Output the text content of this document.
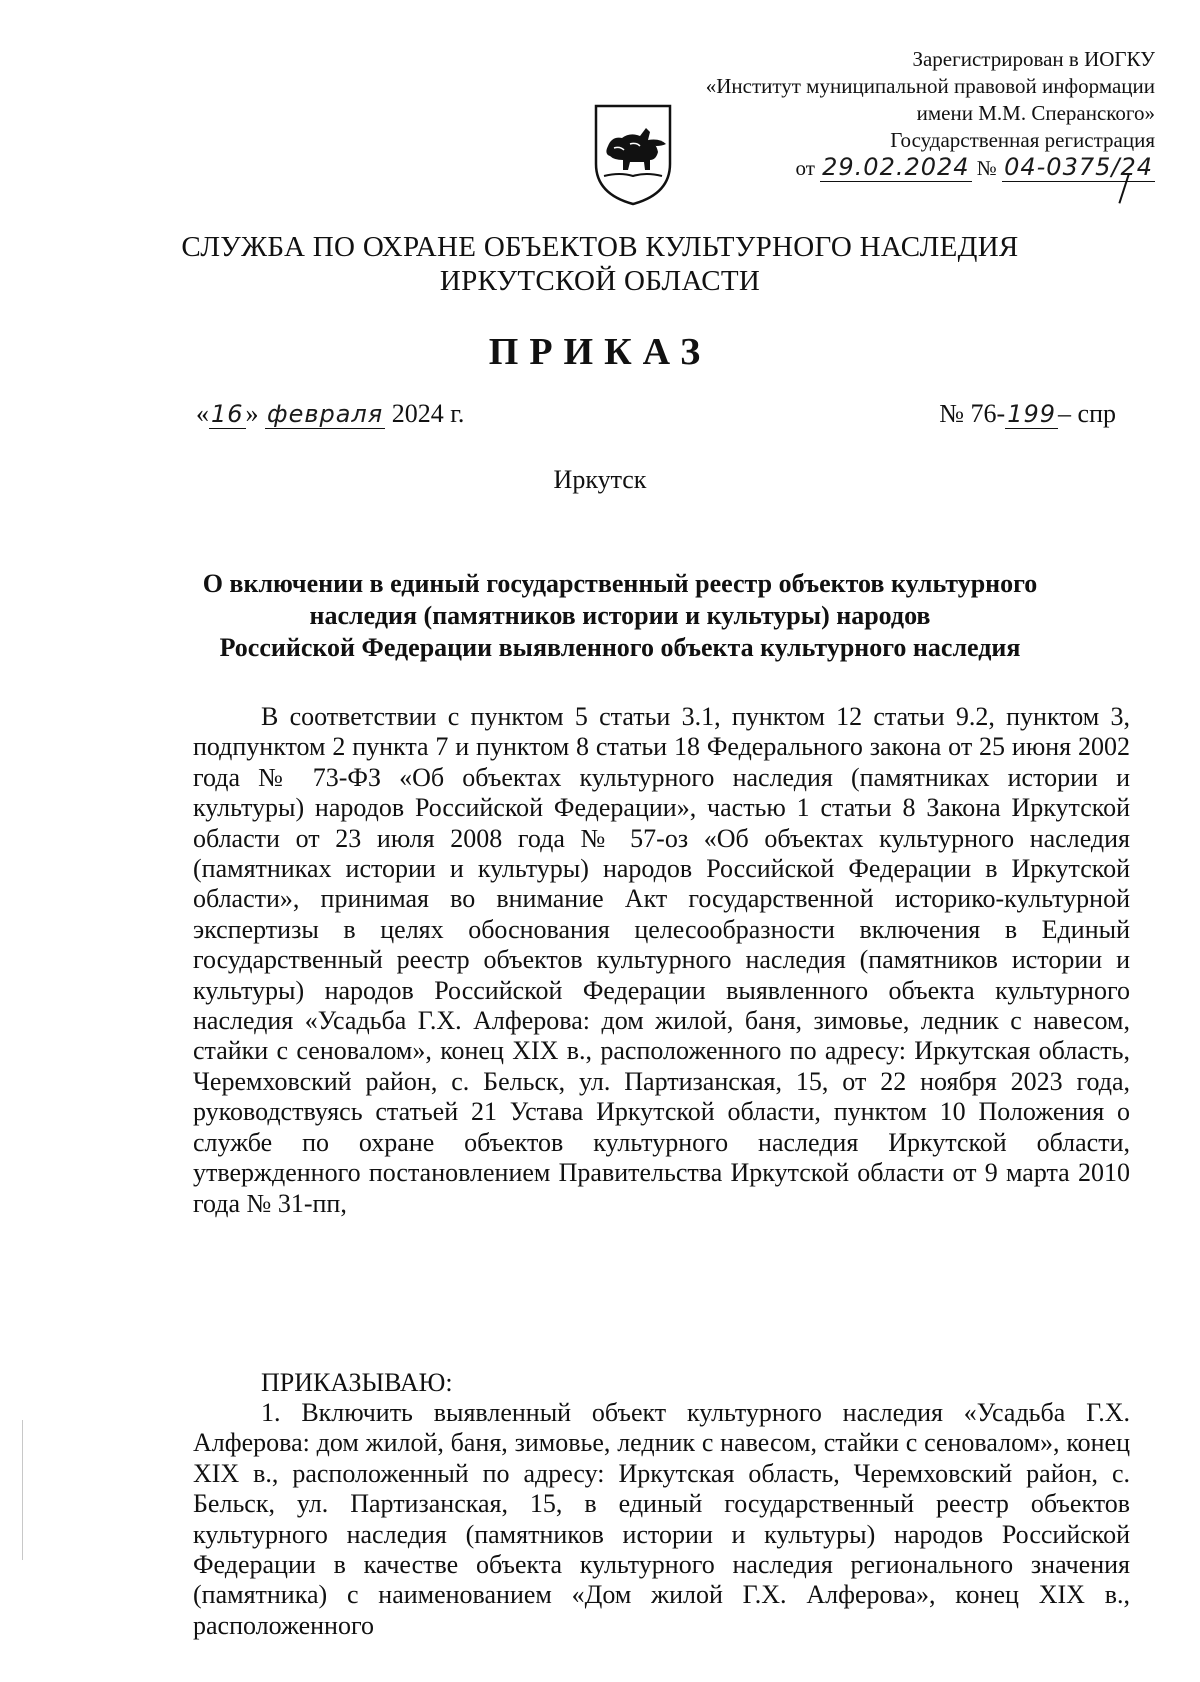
Зарегистрирован в ИОГКУ
«Институт муниципальной правовой информации
имени М.М. Сперанского»
Государственная регистрация
от 29.02.2024 № 04-0375/24
СЛУЖБА ПО ОХРАНЕ ОБЪЕКТОВ КУЛЬТУРНОГО НАСЛЕДИЯ
ИРКУТСКОЙ ОБЛАСТИ
ПРИКАЗ
«16» февраля 2024 г.	№ 76-199– спр
Иркутск
О включении в единый государственный реестр объектов культурного
наследия (памятников истории и культуры) народов
Российской Федерации выявленного объекта культурного наследия

В соответствии с пунктом 5 статьи 3.1, пунктом 12 статьи 9.2, пунктом 3, подпунктом 2 пункта 7 и пунктом 8 статьи 18 Федерального закона от 25 июня 2002 года № 73-ФЗ «Об объектах культурного наследия (памятниках истории и культуры) народов Российской Федерации», частью 1 статьи 8 Закона Иркутской области от 23 июля 2008 года № 57-оз «Об объектах культурного наследия (памятниках истории и культуры) народов Российской Федерации в Иркутской области», принимая во внимание Акт государственной историко-культурной экспертизы в целях обоснования целесообразности включения в Единый государственный реестр объектов культурного наследия (памятников истории и культуры) народов Российской Федерации выявленного объекта культурного наследия «Усадьба Г.Х. Алферова: дом жилой, баня, зимовье, ледник с навесом, стайки с сеновалом», конец XIX в., расположенного по адресу: Иркутская область, Черемховский район, с. Бельск, ул. Партизанская, 15, от 22 ноября 2023 года, руководствуясь статьей 21 Устава Иркутской области, пунктом 10 Положения о службе по охране объектов культурного наследия Иркутской области, утвержденного постановлением Правительства Иркутской области от 9 марта 2010 года № 31-пп,

ПРИКАЗЫВАЮ:

1. Включить выявленный объект культурного наследия «Усадьба Г.Х. Алферова: дом жилой, баня, зимовье, ледник с навесом, стайки с сеновалом», конец XIX в., расположенный по адресу: Иркутская область, Черемховский район, с. Бельск, ул. Партизанская, 15, в единый государственный реестр объектов культурного наследия (памятников истории и культуры) народов Российской Федерации в качестве объекта культурного наследия регионального значения (памятника) с наименованием «Дом жилой Г.Х. Алферова», конец XIX в., расположенного
